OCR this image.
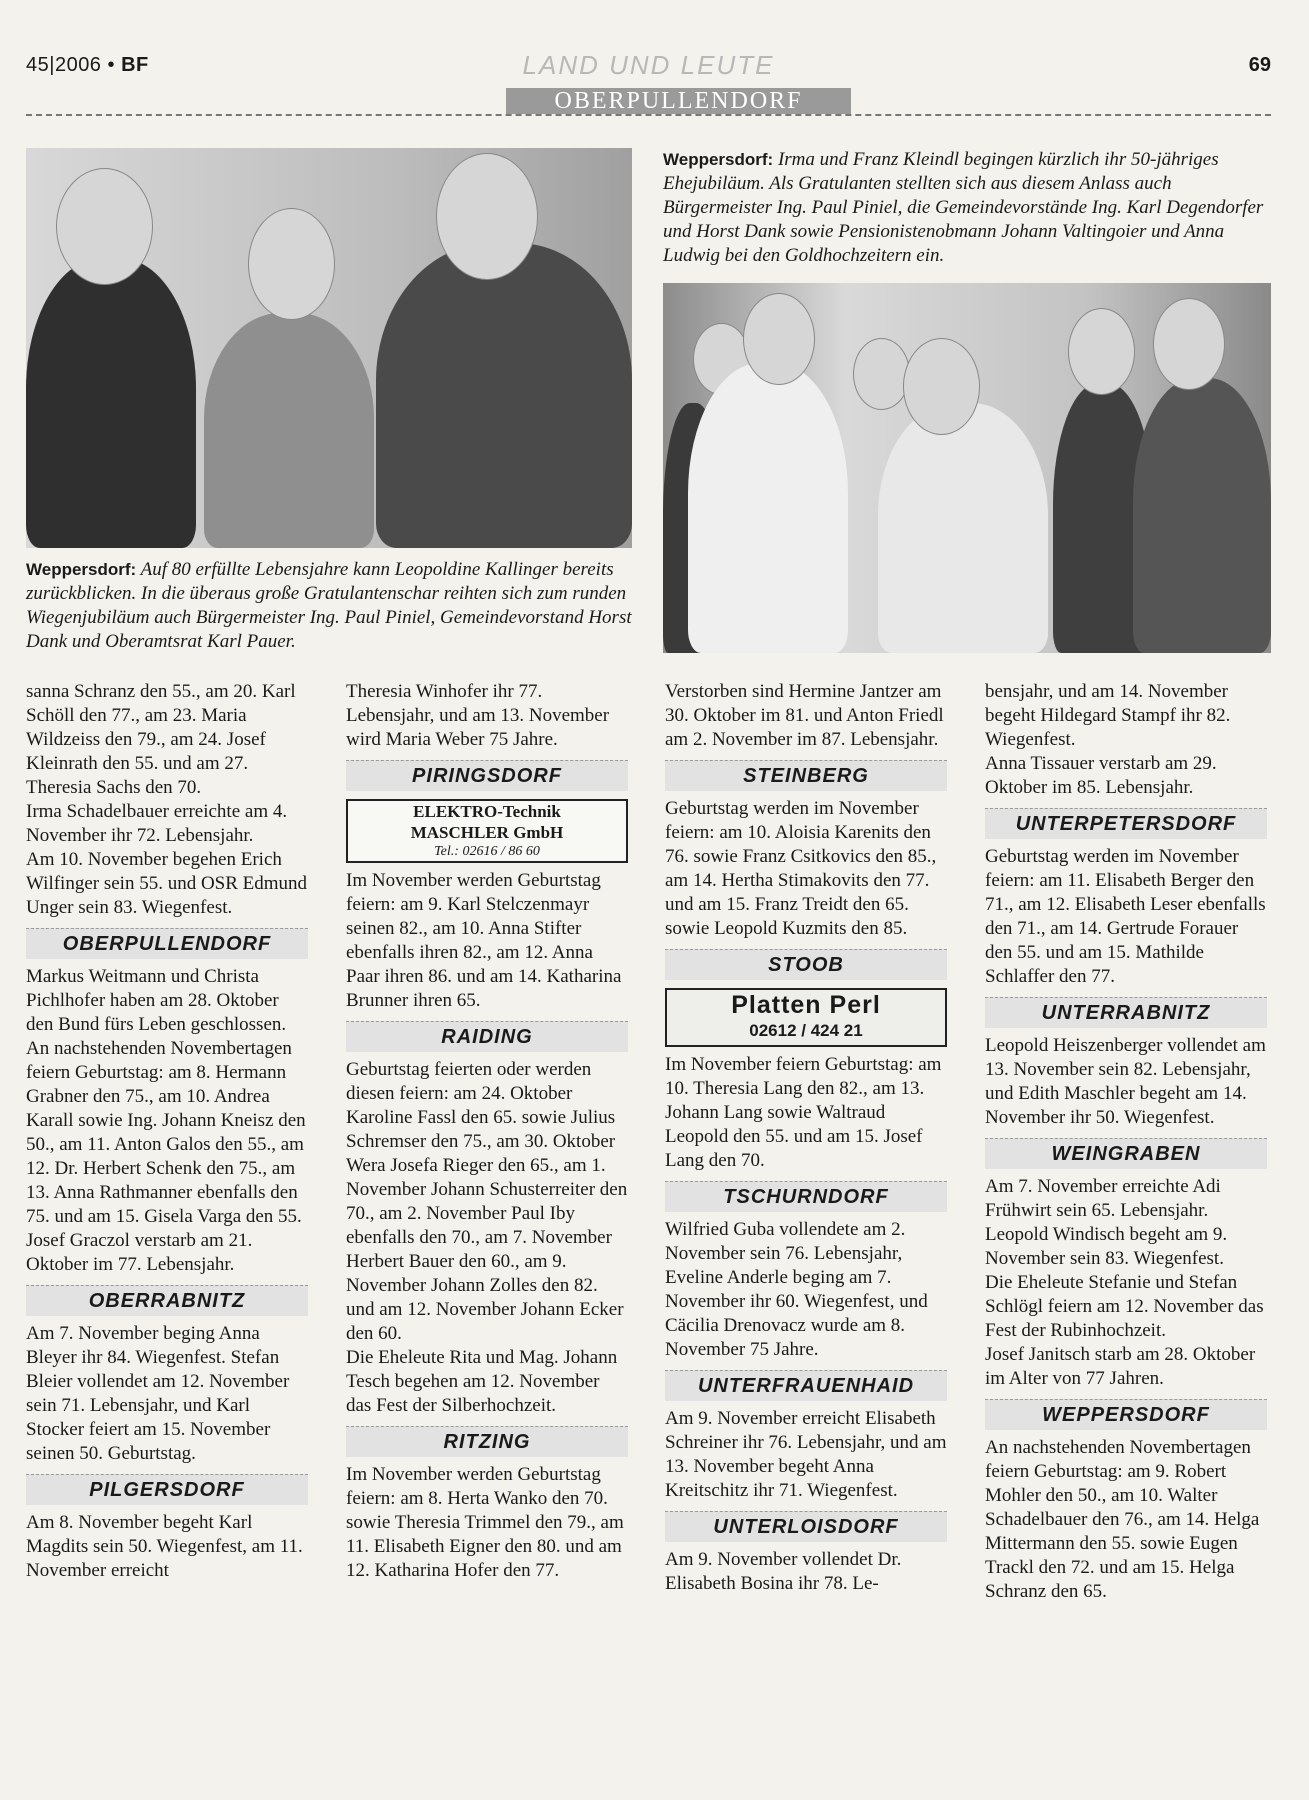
45|2006 • BF	LAND UND LEUTE	69
OBERPULLENDORF
Weppersdorf: Irma und Franz Kleindl begingen kürzlich ihr 50-jähriges Ehejubiläum. Als Gratulanten stellten sich aus diesem Anlass auch Bürgermeister Ing. Paul Piniel, die Gemeindevorstände Ing. Karl Degendorfer und Horst Dank sowie Pensionistenobmann Johann Valtingoier und Anna Ludwig bei den Goldhochzeitern ein.
Weppersdorf: Auf 80 erfüllte Lebensjahre kann Leopoldine Kallinger bereits zurückblicken. In die überaus große Gratulantenschar reihten sich zum runden Wiegenjubiläum auch Bürgermeister Ing. Paul Piniel, Gemeindevorstand Horst Dank und Oberamtsrat Karl Pauer.

sanna Schranz den 55., am 20. Karl Schöll den 77., am 23. Maria Wildzeiss den 79., am 24. Josef Kleinrath den 55. und am 27. Theresia Sachs den 70.

Irma Schadelbauer erreichte am 4. November ihr 72. Lebensjahr.

Am 10. November begehen Erich Wilfinger sein 55. und OSR Edmund Unger sein 83. Wiegenfest.

OBERPULLENDORF

Markus Weitmann und Christa Pichlhofer haben am 28. Oktober den Bund fürs Leben geschlossen.

An nachstehenden Novembertagen feiern Geburtstag: am 8. Hermann Grabner den 75., am 10. Andrea Karall sowie Ing. Johann Kneisz den 50., am 11. Anton Galos den 55., am 12. Dr. Herbert Schenk den 75., am 13. Anna Rathmanner ebenfalls den 75. und am 15. Gisela Varga den 55.

Josef Graczol verstarb am 21. Oktober im 77. Lebensjahr.

OBERRABNITZ

Am 7. November beging Anna Bleyer ihr 84. Wiegenfest. Stefan Bleier vollendet am 12. November sein 71. Lebensjahr, und Karl Stocker feiert am 15. November seinen 50. Geburtstag.

PILGERSDORF

Am 8. November begeht Karl Magdits sein 50. Wiegenfest, am 11. November erreicht

Theresia Winhofer ihr 77. Lebensjahr, und am 13. November wird Maria Weber 75 Jahre.

PIRINGSDORF
ELEKTRO-Technik
MASCHLER GmbH
Tel.: 02616 / 86 60

Im November werden Geburtstag feiern: am 9. Karl Stelczenmayr seinen 82., am 10. Anna Stifter ebenfalls ihren 82., am 12. Anna Paar ihren 86. und am 14. Katharina Brunner ihren 65.

RAIDING

Geburtstag feierten oder werden diesen feiern: am 24. Oktober Karoline Fassl den 65. sowie Julius Schremser den 75., am 30. Oktober Wera Josefa Rieger den 65., am 1. November Johann Schusterreiter den 70., am 2. November Paul Iby ebenfalls den 70., am 7. November Herbert Bauer den 60., am 9. November Johann Zolles den 82. und am 12. November Johann Ecker den 60.

Die Eheleute Rita und Mag. Johann Tesch begehen am 12. November das Fest der Silberhochzeit.

RITZING

Im November werden Geburtstag feiern: am 8. Herta Wanko den 70. sowie Theresia Trimmel den 79., am 11. Elisabeth Eigner den 80. und am 12. Katharina Hofer den 77.

Verstorben sind Hermine Jantzer am 30. Oktober im 81. und Anton Friedl am 2. November im 87. Lebensjahr.

STEINBERG

Geburtstag werden im November feiern: am 10. Aloisia Karenits den 76. sowie Franz Csitkovics den 85., am 14. Hertha Stimakovits den 77. und am 15. Franz Treidt den 65. sowie Leopold Kuzmits den 85.

STOOB
Platten Perl
02612 / 424 21

Im November feiern Geburtstag: am 10. Theresia Lang den 82., am 13. Johann Lang sowie Waltraud Leopold den 55. und am 15. Josef Lang den 70.

TSCHURNDORF

Wilfried Guba vollendete am 2. November sein 76. Lebensjahr, Eveline Anderle beging am 7. November ihr 60. Wiegenfest, und Cäcilia Drenovacz wurde am 8. November 75 Jahre.

UNTERFRAUENHAID

Am 9. November erreicht Elisabeth Schreiner ihr 76. Lebensjahr, und am 13. November begeht Anna Kreitschitz ihr 71. Wiegenfest.

UNTERLOISDORF

Am 9. November vollendet Dr. Elisabeth Bosina ihr 78. Le-

bensjahr, und am 14. November begeht Hildegard Stampf ihr 82. Wiegenfest.

Anna Tissauer verstarb am 29. Oktober im 85. Lebensjahr.

UNTERPETERSDORF

Geburtstag werden im November feiern: am 11. Elisabeth Berger den 71., am 12. Elisabeth Leser ebenfalls den 71., am 14. Gertrude Forauer den 55. und am 15. Mathilde Schlaffer den 77.

UNTERRABNITZ

Leopold Heiszenberger vollendet am 13. November sein 82. Lebensjahr, und Edith Maschler begeht am 14. November ihr 50. Wiegenfest.

WEINGRABEN

Am 7. November erreichte Adi Frühwirt sein 65. Lebensjahr. Leopold Windisch begeht am 9. November sein 83. Wiegenfest.

Die Eheleute Stefanie und Stefan Schlögl feiern am 12. November das Fest der Rubinhochzeit.

Josef Janitsch starb am 28. Oktober im Alter von 77 Jahren.

WEPPERSDORF

An nachstehenden Novembertagen feiern Geburtstag: am 9. Robert Mohler den 50., am 10. Walter Schadelbauer den 76., am 14. Helga Mittermann den 55. sowie Eugen Trackl den 72. und am 15. Helga Schranz den 65.
